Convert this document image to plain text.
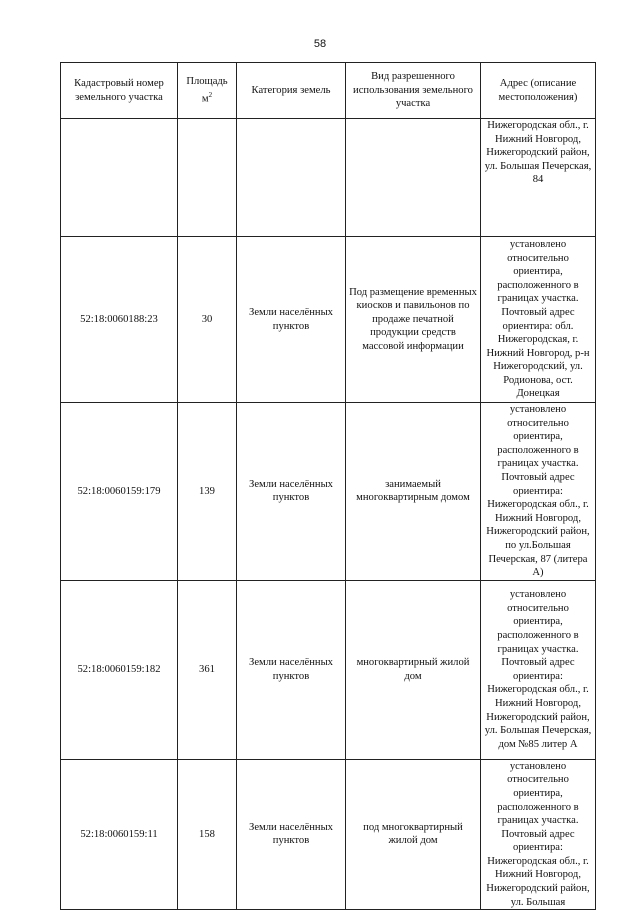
58
Кадастровый номер земельного участка	Площадь $м^2$	Категория земель	Вид разрешенного использования земельного участка	Адрес (описание местоположения)
				Нижегородская обл., г. Нижний Новгород, Нижегородский район, ул. Большая Печерская, 84
52:18:0060188:23	30	Земли населённых пунктов	Под размещение временных киосков и павильонов по продаже печатной продукции средств массовой информации	установлено относительно ориентира, расположенного в границах участка. Почтовый адрес ориентира: обл. Нижегородская, г. Нижний Новгород, р-н Нижегородский, ул. Родионова, ост. Донецкая
52:18:0060159:179	139	Земли населённых пунктов	занимаемый многоквартирным домом	установлено относительно ориентира, расположенного в границах участка. Почтовый адрес ориентира: Нижегородская обл., г. Нижний Новгород, Нижегородский район, по ул.Большая Печерская, 87 (литера А)
52:18:0060159:182	361	Земли населённых пунктов	многоквартирный жилой дом	установлено относительно ориентира, расположенного в границах участка. Почтовый адрес ориентира: Нижегородская обл., г. Нижний Новгород, Нижегородский район, ул. Большая Печерская, дом №85 литер А
52:18:0060159:11	158	Земли населённых пунктов	под многоквартирный жилой дом	установлено относительно ориентира, расположенного в границах участка. Почтовый адрес ориентира: Нижегородская обл., г. Нижний Новгород, Нижегородский район, ул. Большая
